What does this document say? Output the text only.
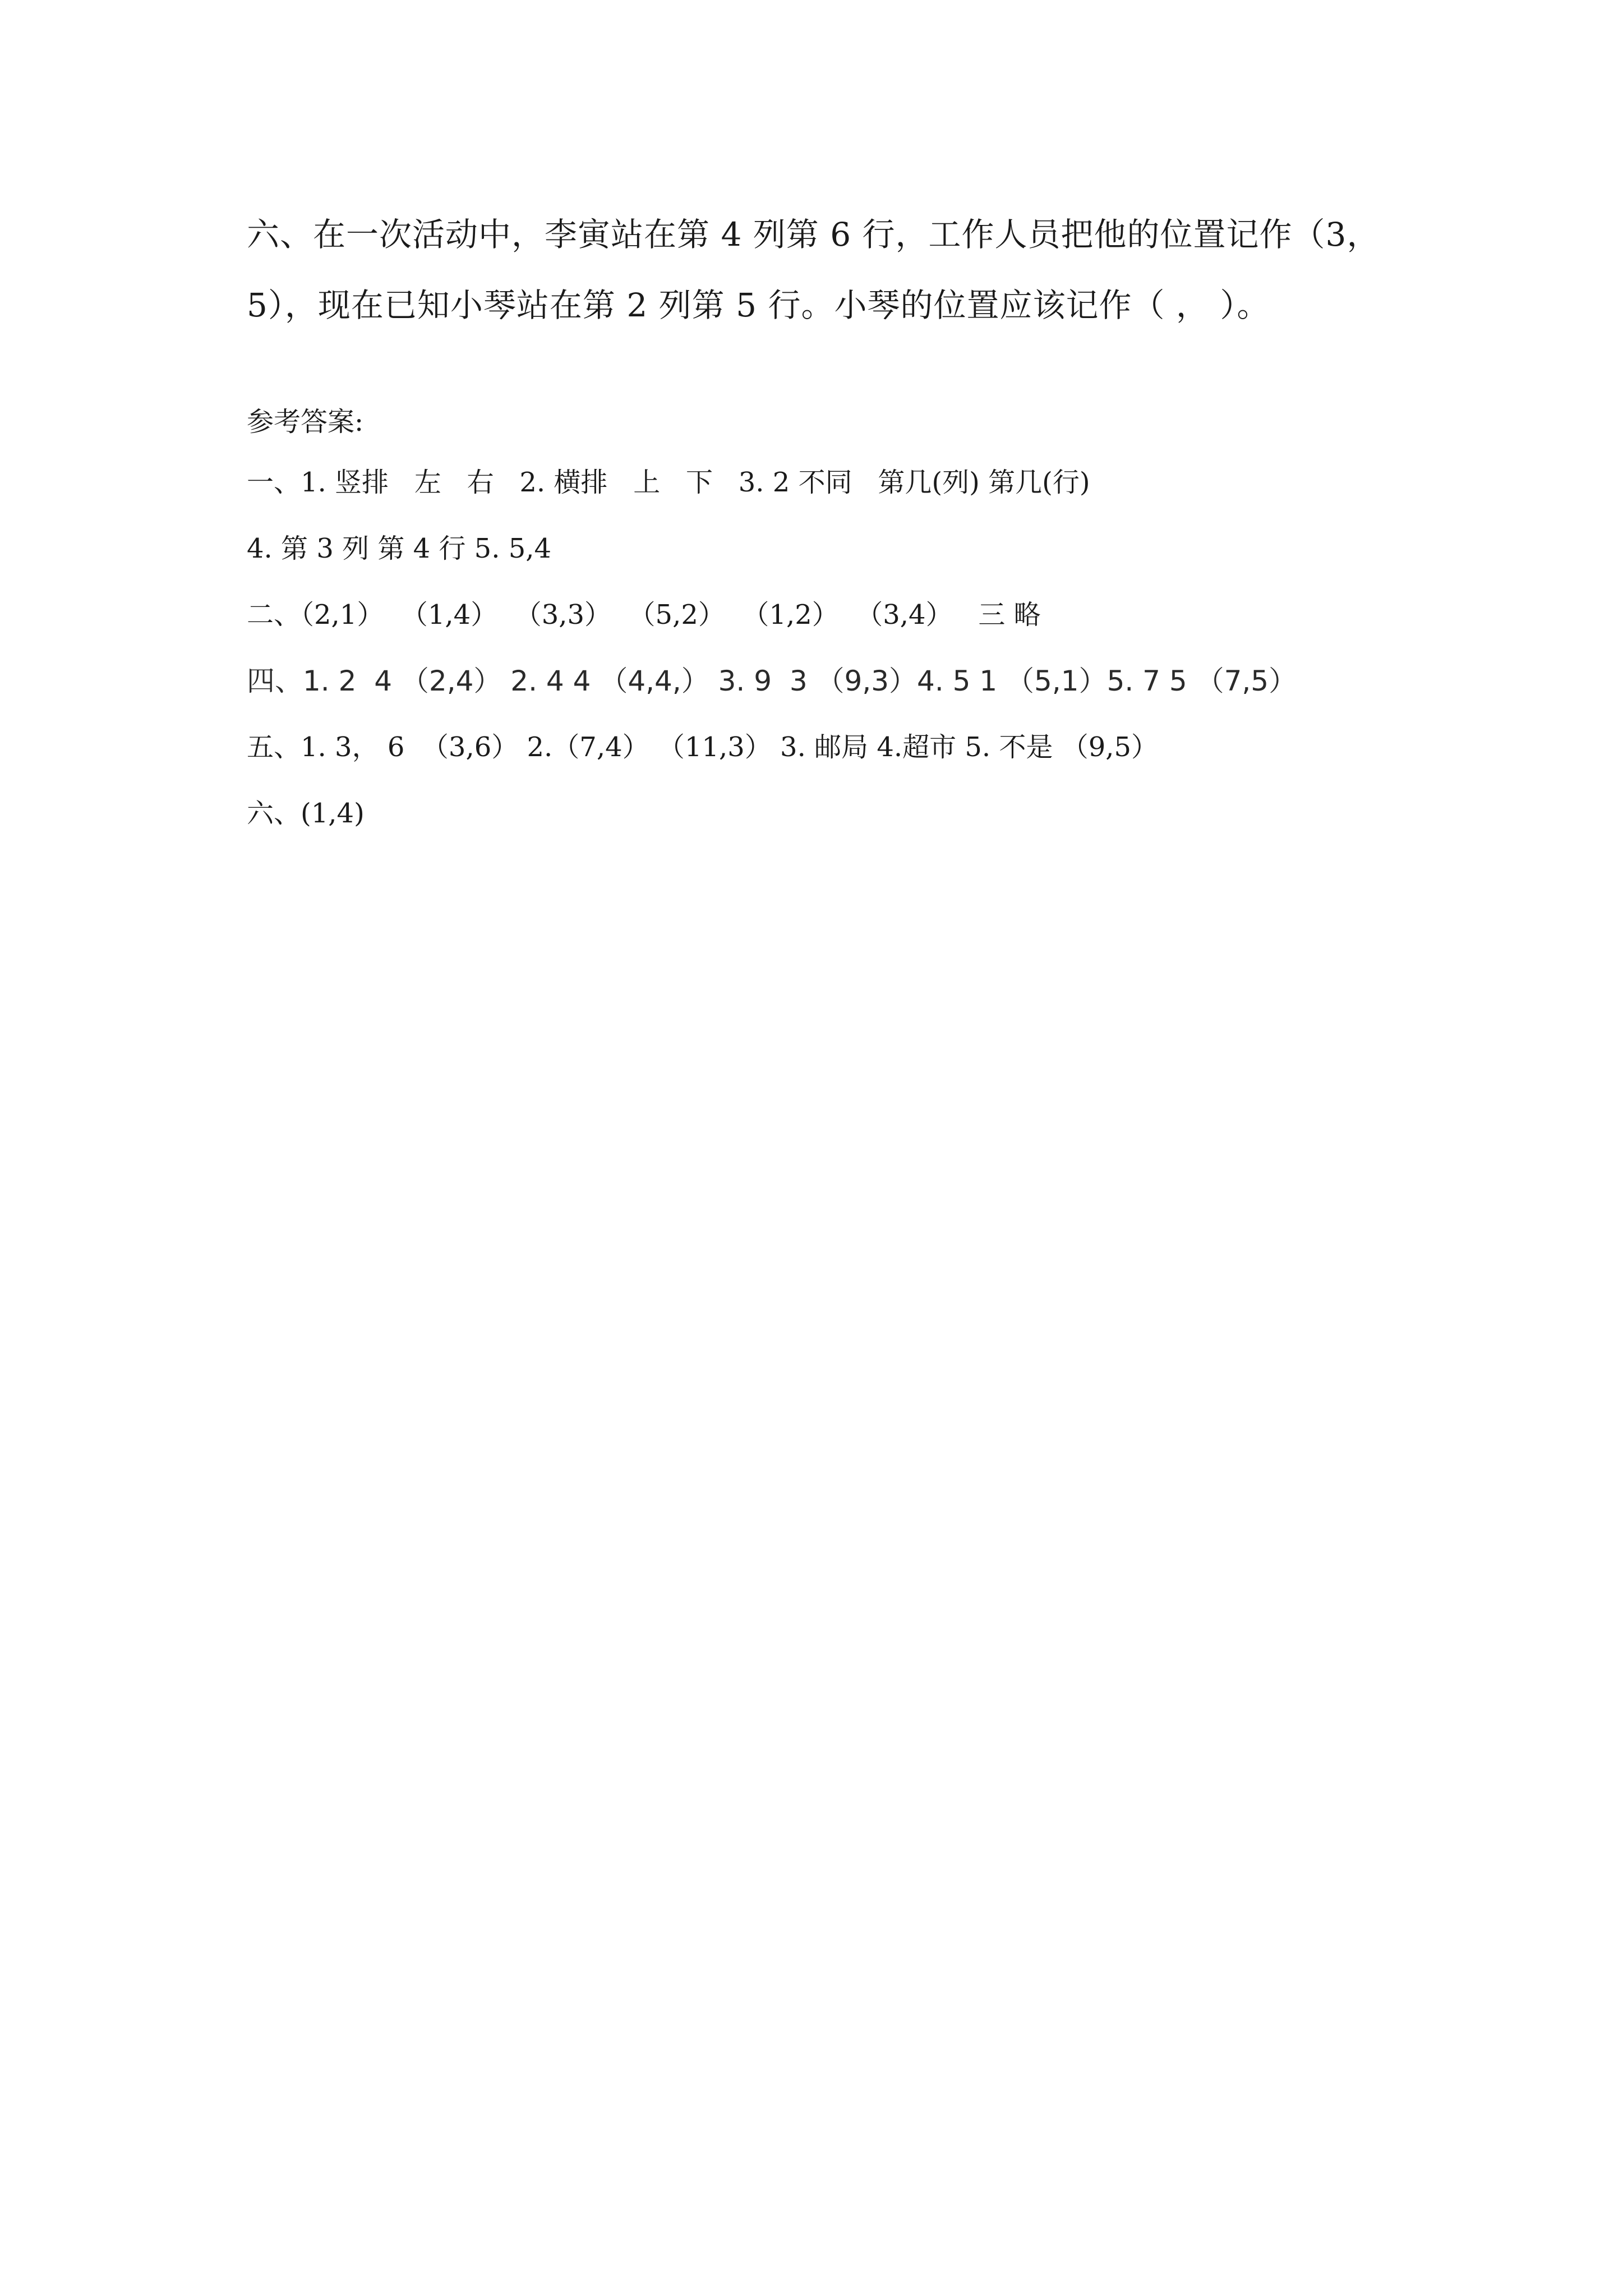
六、在一次活动中，李寅站在第 4 列第 6 行，工作人员把他的位置记作（3，
5），现在已知小琴站在第 2 列第 5 行。小琴的位置应该记作（ ， ）。
参考答案:
一、1. 竖排   左   右   2. 横排   上   下   3. 2 不同   第几(列) 第几(行)
4. 第 3 列 第 4 行 5. 5,4
二、（2,1）  （1,4）  （3,3）  （5,2）  （1,2）  （3,4）   三 略
四、1. 2  4 （2,4） 2. 4 4 （4,4,） 3. 9  3 （9,3）4. 5 1 （5,1）5. 7 5 （7,5）
五、1. 3， 6  （3,6） 2.（7,4） （11,3） 3. 邮局 4.超市 5. 不是 （9,5）
六、(1,4)
